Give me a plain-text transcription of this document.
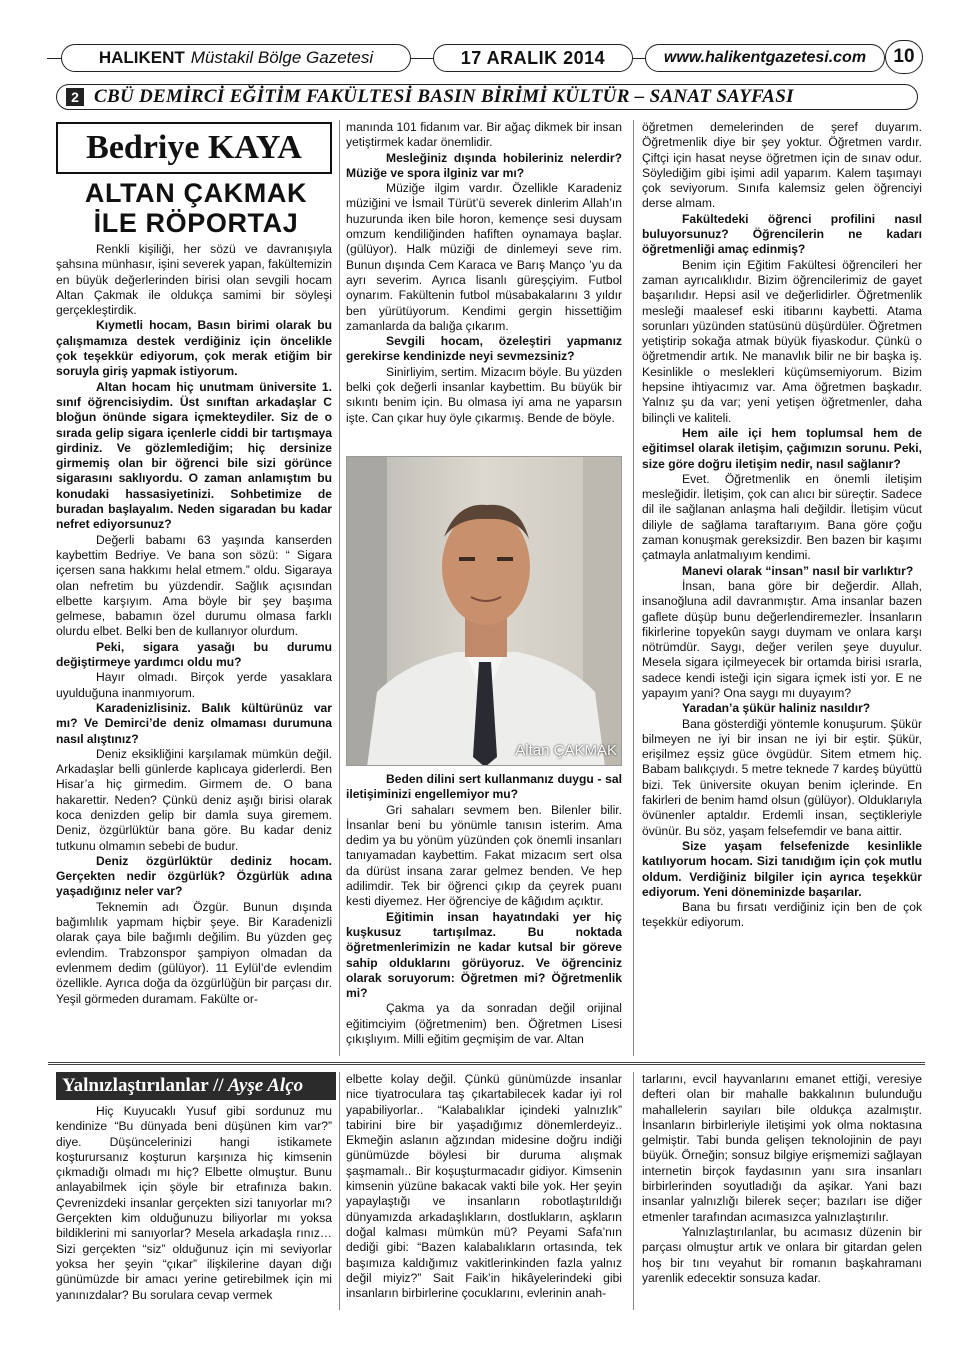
HALIKENT Müstakil Bölge Gazetesi	17 ARALIK 2014	www.halikentgazetesi.com	10
2 CBÜ DEMİRCİ EĞİTİM FAKÜLTESİ BASIN BİRİMİ KÜLTÜR – SANAT SAYFASI
Bedriye KAYA
ALTAN ÇAKMAK
İLE RÖPORTAJ

Renkli kişiliği, her sözü ve davranışıyla şahsına münhasır, işini severek yapan, fakültemizin en büyük değerlerinden birisi olan sevgili hocam Altan Çakmak ile oldukça samimi bir söyleşi gerçekleştirdik.

Kıymetli hocam, Basın birimi olarak bu çalışmamıza destek verdiğiniz için öncelikle çok teşekkür ediyorum, çok merak etiğim bir soruyla giriş yapmak istiyorum.

Altan hocam hiç unutmam üniversite 1. sınıf öğrencisiydim. Üst sınıftan arkadaşlar C bloğun önünde sigara içmekteydiler. Siz de o sırada gelip sigara içenlerle ciddi bir tartışmaya girdiniz. Ve gözlemlediğim; hiç dersinize girmemiş olan bir öğrenci bile sizi görünce sigarasını saklıyordu. O zaman anlamıştım bu konudaki hassasiyetinizi. Sohbetimize de buradan başlayalım. Neden sigaradan bu kadar nefret ediyorsunuz?

Değerli babamı 63 yaşında kanserden kaybettim Bedriye. Ve bana son sözü: “ Sigara içersen sana hakkımı helal etmem.” oldu. Sigaraya olan nefretim bu yüzdendir. Sağlık açısından elbette karşıyım. Ama böyle bir şey başıma gelmese, babamın özel durumu olmasa farklı olurdu elbet. Belki ben de kullanıyor olurdum.

Peki, sigara yasağı bu durumu değiştirmeye yardımcı oldu mu?

Hayır olmadı. Birçok yerde yasaklara uyulduğuna inanmıyorum.

Karadenizlisiniz. Balık kültürünüz var mı? Ve Demirci’de deniz olmaması durumuna nasıl alıştınız?

Deniz eksikliğini karşılamak mümkün değil. Arkadaşlar belli günlerde kaplıcaya giderlerdi. Ben Hisar’a hiç girmedim. Girmem de. O bana hakarettir. Neden? Çünkü deniz aşığı birisi olarak koca denizden gelip bir damla suya giremem. Deniz, özgürlüktür bana göre. Bu kadar deniz tutkunu olmamın sebebi de budur.

Deniz özgürlüktür dediniz hocam. Gerçekten nedir özgürlük? Özgürlük adına yaşadığınız neler var?

Teknemin adı Özgür. Bunun dışında bağımlılık yapmam hiçbir şeye. Bir Karadenizli olarak çaya bile bağımlı değilim. Bu yüzden geç evlendim. Trabzonspor şampiyon olmadan da evlenmem dedim (gülüyor). 11 Eylül’de evlendim özellikle. Ayrıca doğa da özgürlüğün bir parçası dır. Yeşil görmeden duramam. Fakülte or-

manında 101 fidanım var. Bir ağaç dikmek bir insan yetiştirmek kadar önemlidir.

Mesleğiniz dışında hobileriniz nelerdir? Müziğe ve spora ilginiz var mı?

Müziğe ilgim vardır. Özellikle Karadeniz müziğini ve İsmail Türüt’ü severek dinlerim Allah’ın huzurunda iken bile horon, kemençe sesi duysam omzum kendiliğinden hafiften oynamaya başlar. (gülüyor). Halk müziği de dinlemeyi seve rim. Bunun dışında Cem Karaca ve Barış Manço ’yu da ayrı severim. Ayrıca lisanlı güreşçiyim. Futbol oynarım. Fakültenin futbol müsabakalarını 3 yıldır ben yürütüyorum. Kendimi gergin hissettiğim zamanlarda da balığa çıkarım.

Sevgili hocam, özeleştiri yapmanız gerekirse kendinizde neyi sevmezsiniz?

Sinirliyim, sertim. Mizacım böyle. Bu yüzden belki çok değerli insanlar kaybettim. Bu büyük bir sıkıntı benim için. Bu olmasa iyi ama ne yaparsın işte. Can çıkar huy öyle çıkarmış. Bende de böyle.

Altan ÇAKMAK

Beden dilini sert kullanmanız duygu - sal iletişiminizi engellemiyor mu?

Gri sahaları sevmem ben. Bilenler bilir. İnsanlar beni bu yönümle tanısın isterim. Ama dedim ya bu yönüm yüzünden çok önemli insanları tanıyamadan kaybettim. Fakat mizacım sert olsa da dürüst insana zarar gelmez benden. Ve hep adilimdir. Tek bir öğrenci çıkıp da çeyrek puanı kesti diyemez. Her öğrenciye de kâğıdım açıktır.

Eğitimin insan hayatındaki yer hiç kuşkusuz tartışılmaz. Bu noktada öğretmenlerimizin ne kadar kutsal bir göreve sahip olduklarını görüyoruz. Ve öğrenciniz olarak soruyorum: Öğretmen mi? Öğretmenlik mi?

Çakma ya da sonradan değil orijinal eğitimciyim (öğretmenim) ben. Öğretmen Lisesi çıkışlıyım. Milli eğitim geçmişim de var. Altan

öğretmen demelerinden de şeref duyarım. Öğretmenlik diye bir şey yoktur. Öğretmen vardır. Çiftçi için hasat neyse öğretmen için de sınav odur. Söylediğim gibi işimi adil yaparım. Kalem taşımayı çok seviyorum. Sınıfa kalemsiz gelen öğrenciyi derse almam.

Fakültedeki öğrenci profilini nasıl buluyorsunuz? Öğrencilerin ne kadarı öğretmenliği amaç edinmiş?

Benim için Eğitim Fakültesi öğrencileri her zaman ayrıcalıklıdır. Bizim öğrencilerimiz de gayet başarılıdır. Hepsi asil ve değerlidirler. Öğretmenlik mesleği maalesef eski itibarını kaybetti. Atama sorunları yüzünden statüsünü düşürdüler. Öğretmen yetiştirip sokağa atmak büyük fiyaskodur. Çünkü o öğretmendir artık. Ne manavlık bilir ne bir başka iş. Kesinlikle o meslekleri küçümsemiyorum. Bizim hepsine ihtiyacımız var. Ama öğretmen başkadır. Yalnız şu da var; yeni yetişen öğretmenler, daha bilinçli ve kaliteli.

Hem aile içi hem toplumsal hem de eğitimsel olarak iletişim, çağımızın sorunu. Peki, size göre doğru iletişim nedir, nasıl sağlanır?

Evet. Öğretmenlik en önemli iletişim mesleğidir. İletişim, çok can alıcı bir süreçtir. Sadece dil ile sağlanan anlaşma hali değildir. İletişim vücut diliyle de sağlama taraftarıyım. Bana göre çoğu zaman konuşmak gereksizdir. Ben bazen bir kaşımı çatmayla anlatmalıyım kendimi.

Manevi olarak “insan” nasıl bir varlıktır?

İnsan, bana göre bir değerdir. Allah, insanoğluna adil davranmıştır. Ama insanlar bazen gaflete düşüp bunu değerlendiremezler. İnsanların fikirlerine topyekûn saygı duymam ve onlara karşı nötrümdür. Saygı, değer verilen şeye duyulur. Mesela sigara içilmeyecek bir ortamda birisi ısrarla, sadece kendi isteği için sigara içmek isti yor. E ne yapayım yani? Ona saygı mı duyayım?

Yaradan’a şükür haliniz nasıldır?

Bana gösterdiği yöntemle konuşurum. Şükür bilmeyen ne iyi bir insan ne iyi bir eştir. Şükür, erişilmez eşsiz güce övgüdür. Sitem etmem hiç. Babam balıkçıydı. 5 metre teknede 7 kardeş büyüttü bizi. Tek üniversite okuyan benim içlerinde. En fakirleri de benim hamd olsun (gülüyor). Olduklarıyla övünenler aptaldır. Erdemli insan, seçtikleriyle övünür. Bu söz, yaşam felsefemdir ve bana aittir.

Size yaşam felsefenizde kesinlikle katılıyorum hocam. Sizi tanıdığım için çok mutlu oldum. Verdiğiniz bilgiler için ayrıca teşekkür ediyorum. Yeni döneminizde başarılar.

Bana bu fırsatı verdiğiniz için ben de çok teşekkür ediyorum.

Yalnızlaştırılanlar // Ayşe Alço

Hiç Kuyucaklı Yusuf gibi sordunuz mu kendinize “Bu dünyada beni düşünen kim var?” diye. Düşüncelerinizi hangi istikamete koşturursanız koşturun karşınıza hiç kimsenin çıkmadığı olmadı mı hiç? Elbette olmuştur. Bunu anlayabilmek için şöyle bir etrafınıza bakın. Çevrenizdeki insanlar gerçekten sizi tanıyorlar mı? Gerçekten kim olduğunuzu biliyorlar mı yoksa bildiklerini mi sanıyorlar? Mesela arkadaşla rınız… Sizi gerçekten “siz” olduğunuz için mi seviyorlar yoksa her şeyin “çıkar” ilişkilerine dayan dığı günümüzde bir amacı yerine getirebilmek için mi yanınızdalar? Bu sorulara cevap vermek

elbette kolay değil. Çünkü günümüzde insanlar nice tiyatroculara taş çıkartabilecek kadar iyi rol yapabiliyorlar.. “Kalabalıklar içindeki yalnızlık” tabirini bire bir yaşadığımız dönemlerdeyiz.. Ekmeğin aslanın ağzından midesine doğru indiği günümüzde böylesi bir duruma alışmak şaşmamalı.. Bir koşuşturmacadır gidiyor. Kimsenin kimsenin yüzüne bakacak vakti bile yok. Her şeyin yapaylaştığı ve insanların robotlaştırıldığı dünyamızda arkadaşlıkların, dostlukların, aşkların doğal kalması mümkün mü? Peyami Safa’nın dediği gibi: “Bazen kalabalıkların ortasında, tek başımıza kaldığımız vakitlerinkinden fazla yalnız değil miyiz?” Sait Faik’in hikâyelerindeki gibi insanların birbirlerine çocuklarını, evlerinin anah-

tarlarını, evcil hayvanlarını emanet ettiği, veresiye defteri olan bir mahalle bakkalının bulunduğu mahallelerin sayıları bile oldukça azalmıştır. İnsanların birbirleriyle iletişimi yok olma noktasına gelmiştir. Tabi bunda gelişen teknolojinin de payı büyük. Örneğin; sonsuz bilgiye erişmemizi sağlayan internetin birçok faydasının yanı sıra insanları birbirlerinden soyutladığı da aşikar. Yani bazı insanlar yalnızlığı bilerek seçer; bazıları ise diğer etmenler tarafından acımasızca yalnızlaştırılır.

Yalnızlaştırılanlar, bu acımasız düzenin bir parçası olmuştur artık ve onlara bir gitardan gelen hoş bir tını veyahut bir romanın başkahramanı yarenlik edecektir sonsuza kadar.
